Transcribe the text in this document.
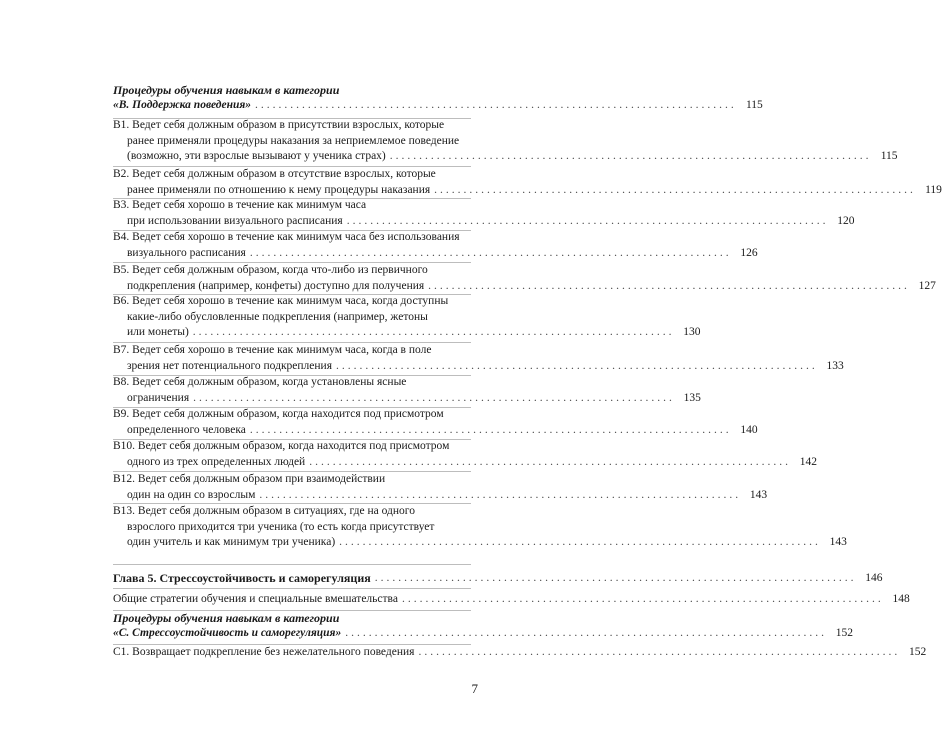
Процедуры обучения навыкам в категории
«B. Поддержка поведения» .................................................................................. 115
B1. Ведет себя должным образом в присутствии взрослых, которые
ранее применяли процедуры наказания за неприемлемое поведение
(возможно, эти взрослые вызывают у ученика страх) .................................................................................. 115
B2. Ведет себя должным образом в отсутствие взрослых, которые
ранее применяли по отношению к нему процедуры наказания .................................................................................. 119
B3. Ведет себя хорошо в течение как минимум часа
при использовании визуального расписания .................................................................................. 120
B4. Ведет себя хорошо в течение как минимум часа без использования
визуального расписания .................................................................................. 126
B5. Ведет себя должным образом, когда что-либо из первичного
подкрепления (например, конфеты) доступно для получения .................................................................................. 127
B6. Ведет себя хорошо в течение как минимум часа, когда доступны
какие-либо обусловленные подкрепления (например, жетоны
или монеты) .................................................................................. 130
B7. Ведет себя хорошо в течение как минимум часа, когда в поле
зрения нет потенциального подкрепления .................................................................................. 133
B8. Ведет себя должным образом, когда установлены ясные
ограничения .................................................................................. 135
B9. Ведет себя должным образом, когда находится под присмотром
определенного человека .................................................................................. 140
B10. Ведет себя должным образом, когда находится под присмотром
одного из трех определенных людей .................................................................................. 142
B12. Ведет себя должным образом при взаимодействии
один на один со взрослым .................................................................................. 143
B13. Ведет себя должным образом в ситуациях, где на одного
взрослого приходится три ученика (то есть когда присутствует
один учитель и как минимум три ученика) .................................................................................. 143
Глава 5. Стрессоустойчивость и саморегуляция .................................................................................. 146
Общие стратегии обучения и специальные вмешательства .................................................................................. 148
Процедуры обучения навыкам в категории
«C. Стрессоустойчивость и саморегуляция» .................................................................................. 152
C1. Возвращает подкрепление без нежелательного поведения .................................................................................. 152
7
